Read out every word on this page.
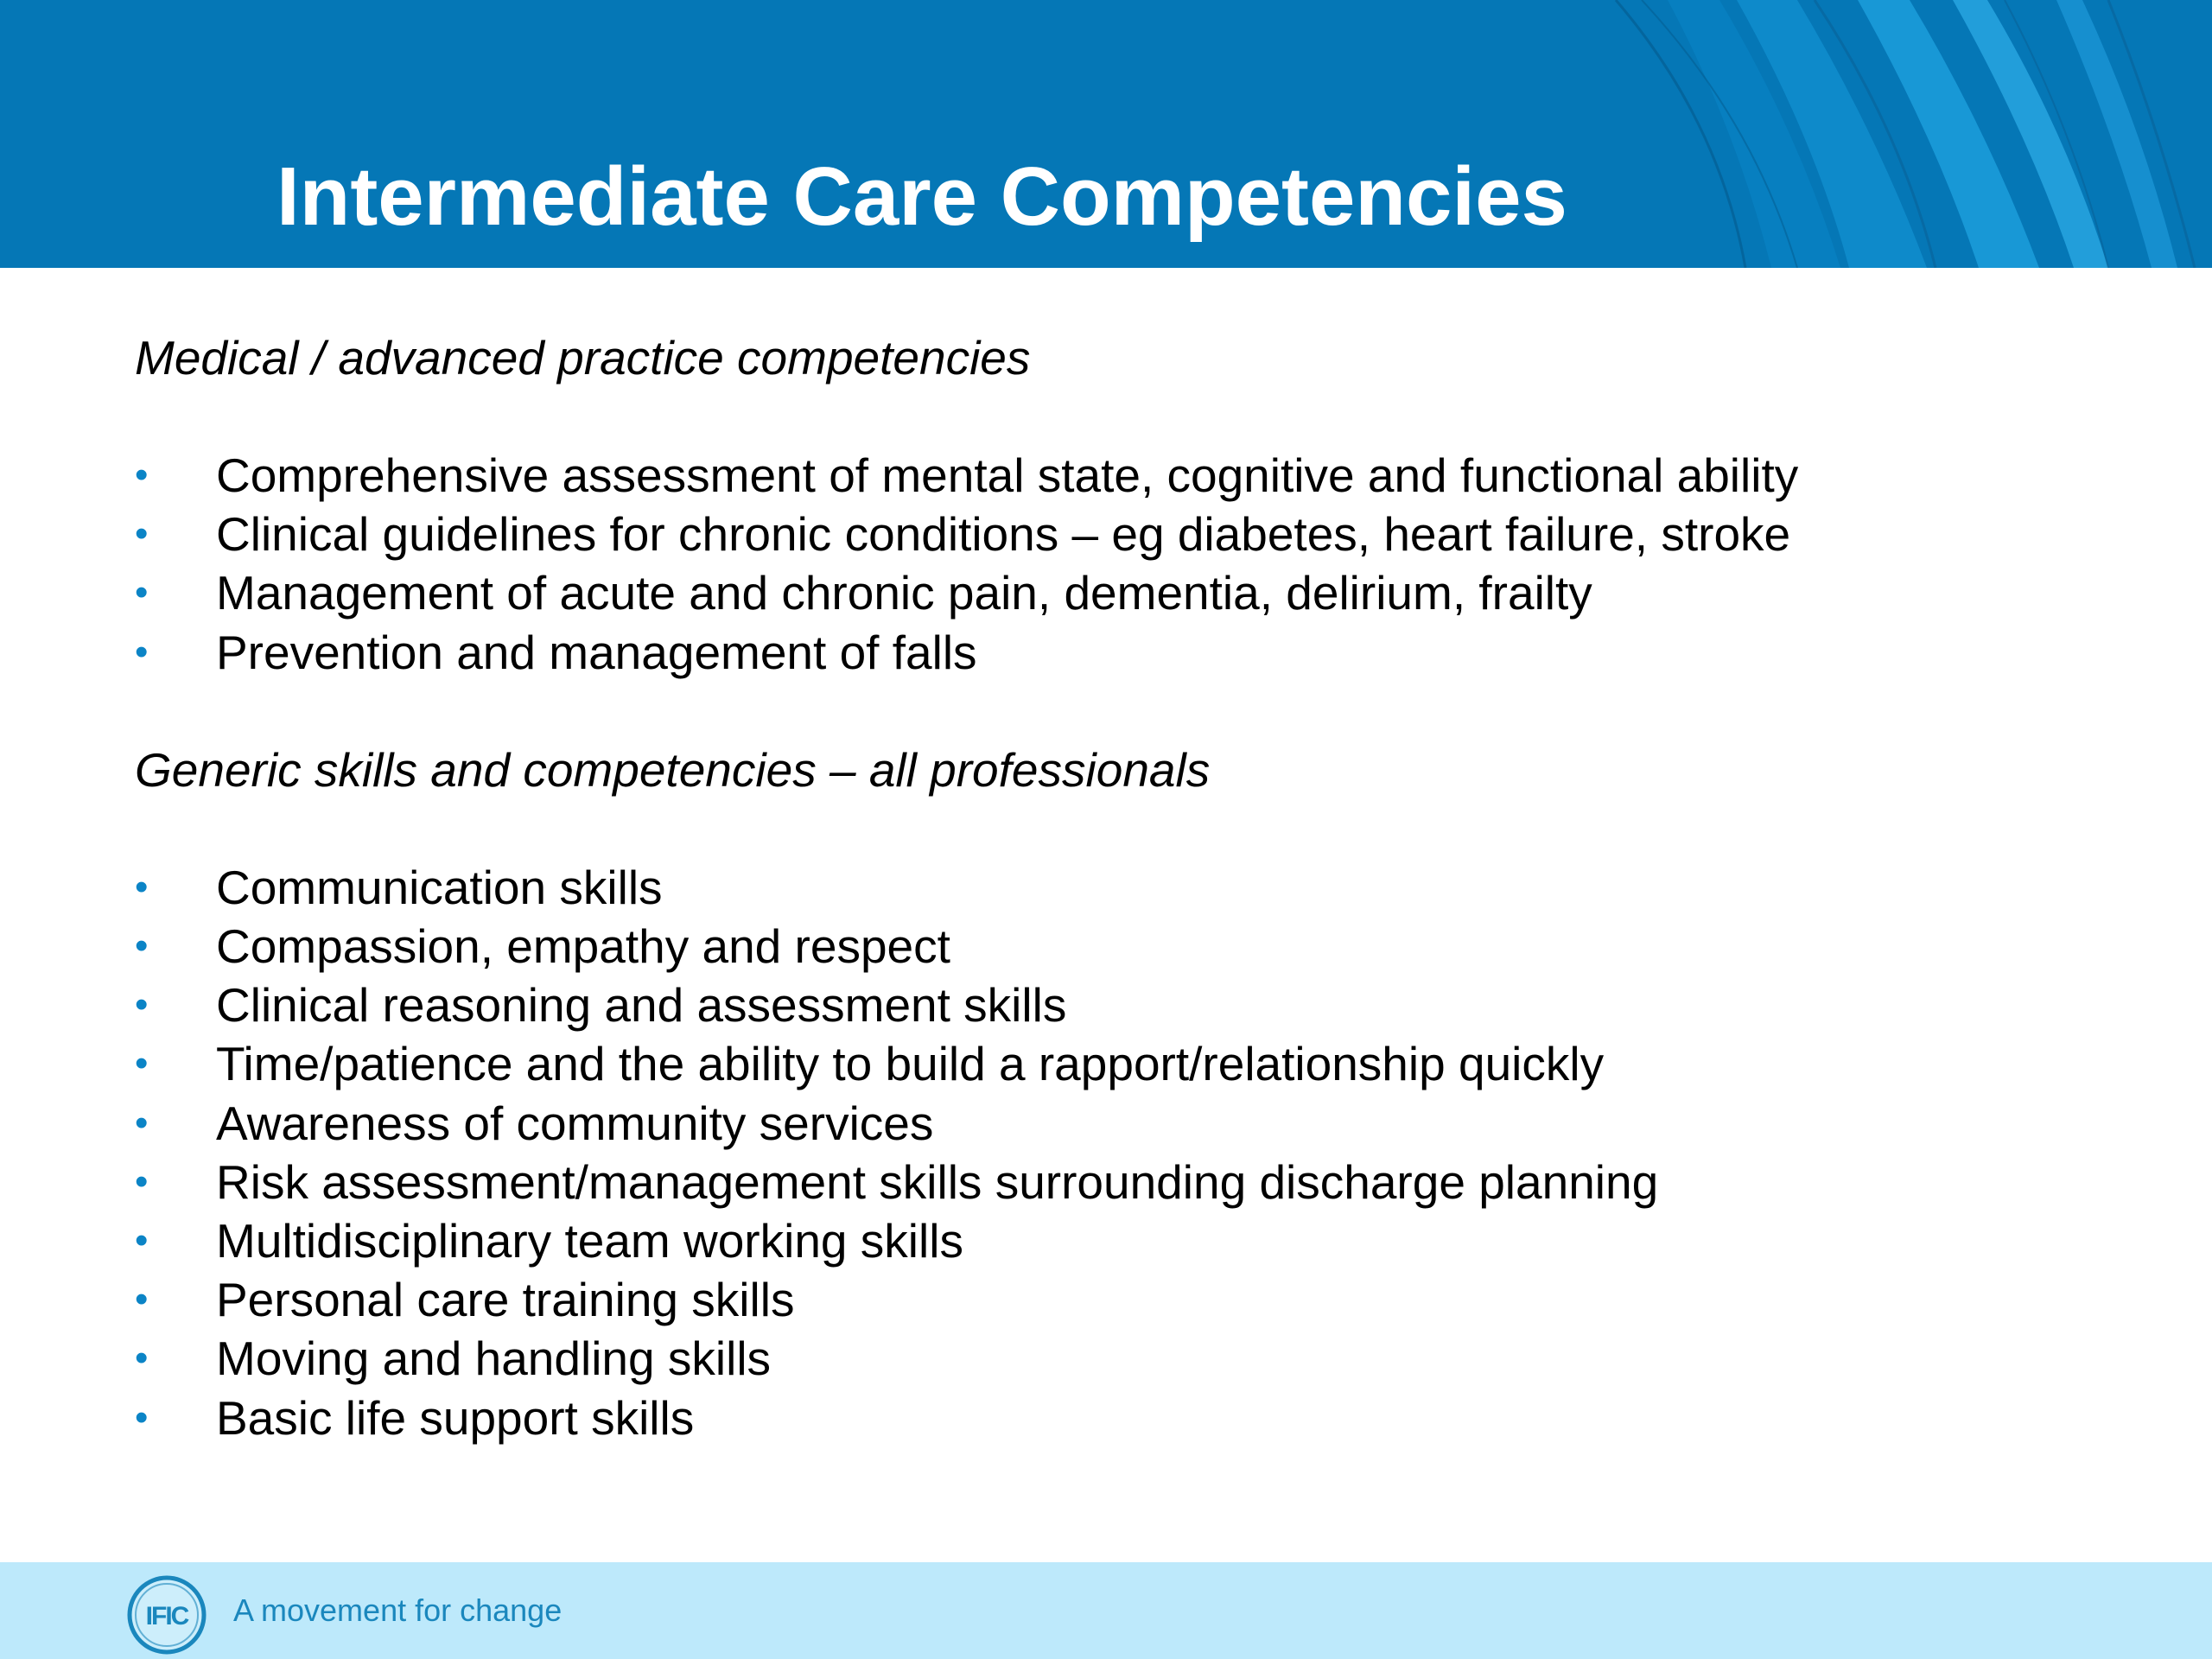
Intermediate Care Competencies

Medical / advanced practice competencies

• Comprehensive assessment of mental state, cognitive and functional ability
• Clinical guidelines for chronic conditions – eg diabetes, heart failure, stroke
• Management of acute and chronic pain, dementia, delirium, frailty
• Prevention and management of falls

Generic skills and competencies – all professionals

• Communication skills
• Compassion, empathy and respect
• Clinical reasoning and assessment skills
• Time/patience and the ability to build a rapport/relationship quickly
• Awareness of community services
• Risk assessment/management skills surrounding discharge planning
• Multidisciplinary team working skills
• Personal care training skills
• Moving and handling skills
• Basic life support skills
IFIC A movement for change
